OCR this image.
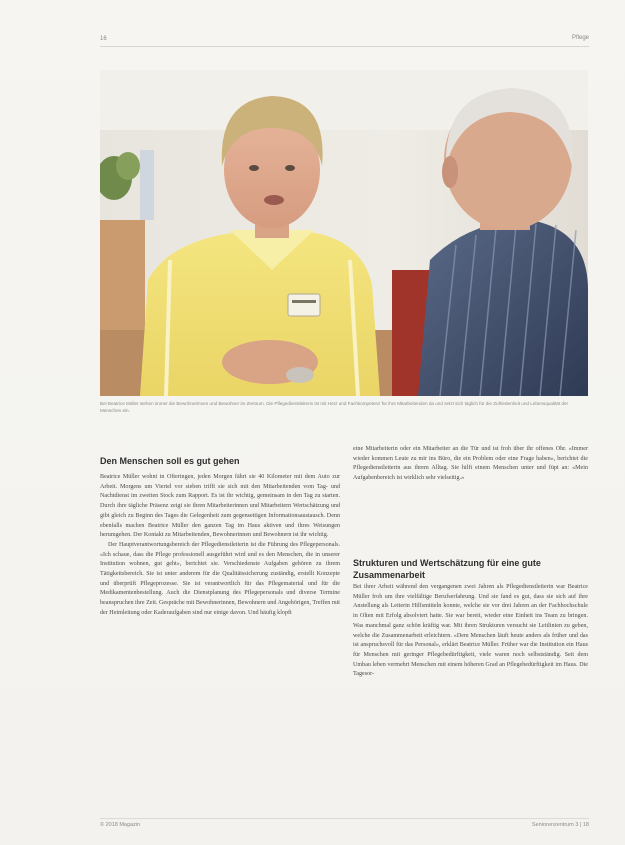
16	Pflege
Bei Beatrice Müller stehen immer die Bewohnerinnen und Bewohner im Zentrum. Die Pflegedienstleiterin ist mit Herz und Fachkompetenz für ihre Mitarbeitenden da und setzt sich täglich für die Zufriedenheit und Lebensqualität der Menschen ein.
Den Menschen soll es gut gehen

Beatrice Müller wohnt in Ofteringen, jeden Morgen fährt sie 40 Kilometer mit dem Auto zur Arbeit. Morgens um Viertel vor sieben trifft sie sich mit den Mitarbeitenden vom Tag- und Nachtdienst im zweiten Stock zum Rapport. Es ist ihr wichtig, gemeinsam in den Tag zu starten. Durch ihre tägliche Präsenz zeigt sie ihren Mitarbeiterinnen und Mitarbeitern Wertschätzung und gibt gleich zu Beginn des Tages die Gelegenheit zum gegenseitigen Informationsaustausch. Denn ebenfalls machen Beatrice Müller den ganzen Tag im Haus aktiven und ihres Weisungen herumgehen. Der Kontakt zu Mitarbeitenden, Bewohnerinnen und Bewohnern ist ihr wichtig.

Der Hauptverantwortungsbereich der Pflegedienstleiterin ist die Führung des Pflegepersonals. «Ich schaue, dass die Pflege professionell ausgeführt wird und es den Menschen, die in unserer Institution wohnen, gut geht», berichtet sie. Verschiedenste Aufgaben gehören zu ihrem Tätigkeitsbereich. Sie ist unter anderem für die Qualitätssicherung zuständig, erstellt Konzepte und überprüft Pflegeprozesse. Sie ist verantwortlich für das Pflegematerial und für die Medikamentenbestellung. Auch die Dienstplanung des Pflegepersonals und diverse Termine beanspruchen ihre Zeit. Gespräche mit Bewohnerinnen, Bewohnern und Angehörigen, Treffen mit der Heimleitung oder Kaderaufgaben sind nur einige davon. Und häufig klopft

eine Mitarbeiterin oder ein Mitarbeiter an die Tür und ist froh über ihr offenes Ohr. «Immer wieder kommen Leute zu mir ins Büro, die ein Problem oder eine Frage haben», berichtet die Pflegedienstleiterin aus ihrem Alltag. Sie hilft einem Menschen unter und füpt an: «Mein Aufgabenbereich ist wirklich sehr vielseitig.»

Strukturen und Wertschätzung für eine gute Zusammenarbeit

Bei ihrer Arbeit während den vergangenen zwei Jahren als Pflegedienstleiterin war Beatrice Müller froh um ihre vielfältige Berufserfahrung. Und sie fand es gut, dass sie sich auf ihre Anstellung als Leiterin Hilfsmitteln konnte, welche sie vor drei Jahren an der Fachhochschule in Olten mit Erfolg absolviert hatte. Sie war bereit, wieder eine Einheit ins Team zu bringen. Was manchmal ganz schön kräftig war. Mit ihren Strukturen versucht sie Leitlinien zu geben, welche die Zusammenarbeit erleichtern. «Dem Menschen läuft heute anders als früher und das ist anspruchsvoll für das Personal», erklärt Beatrice Müller. Früher war die Institution ein Haus für Menschen mit geringer Pflegebedürftigkeit, viele waren noch selbstständig. Seit dem Umbau leben vermehrt Menschen mit einem höheren Grad an Pflegebedürftigkeit im Haus. Die Tagesor-

© 2018 Magazin	Seniorenzentrum 3 | 18
